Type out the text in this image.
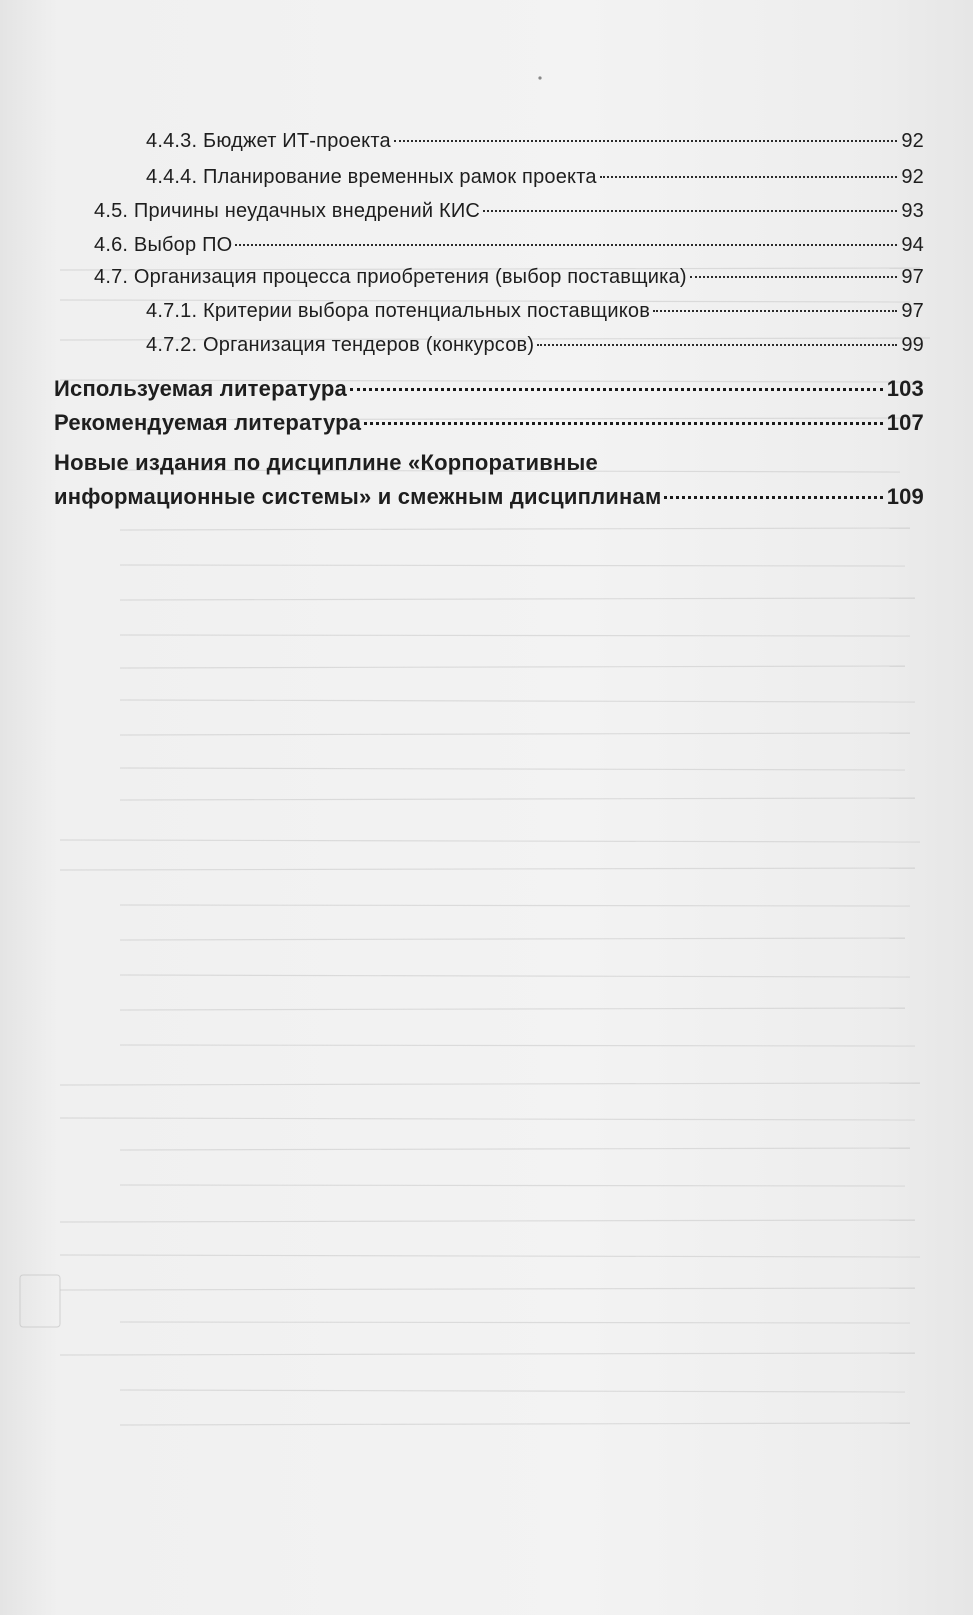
4.4.3. Бюджет ИТ-проекта	92
4.4.4. Планирование временных рамок проекта	92
4.5. Причины неудачных внедрений КИС	93
4.6. Выбор ПО	94
4.7. Организация процесса приобретения (выбор поставщика)	97
4.7.1. Критерии выбора потенциальных поставщиков	97
4.7.2. Организация тендеров (конкурсов)	99
Используемая литература	103
Рекомендуемая литература	107
Новые издания по дисциплине «Корпоративные
информационные системы» и смежным дисциплинам	109
